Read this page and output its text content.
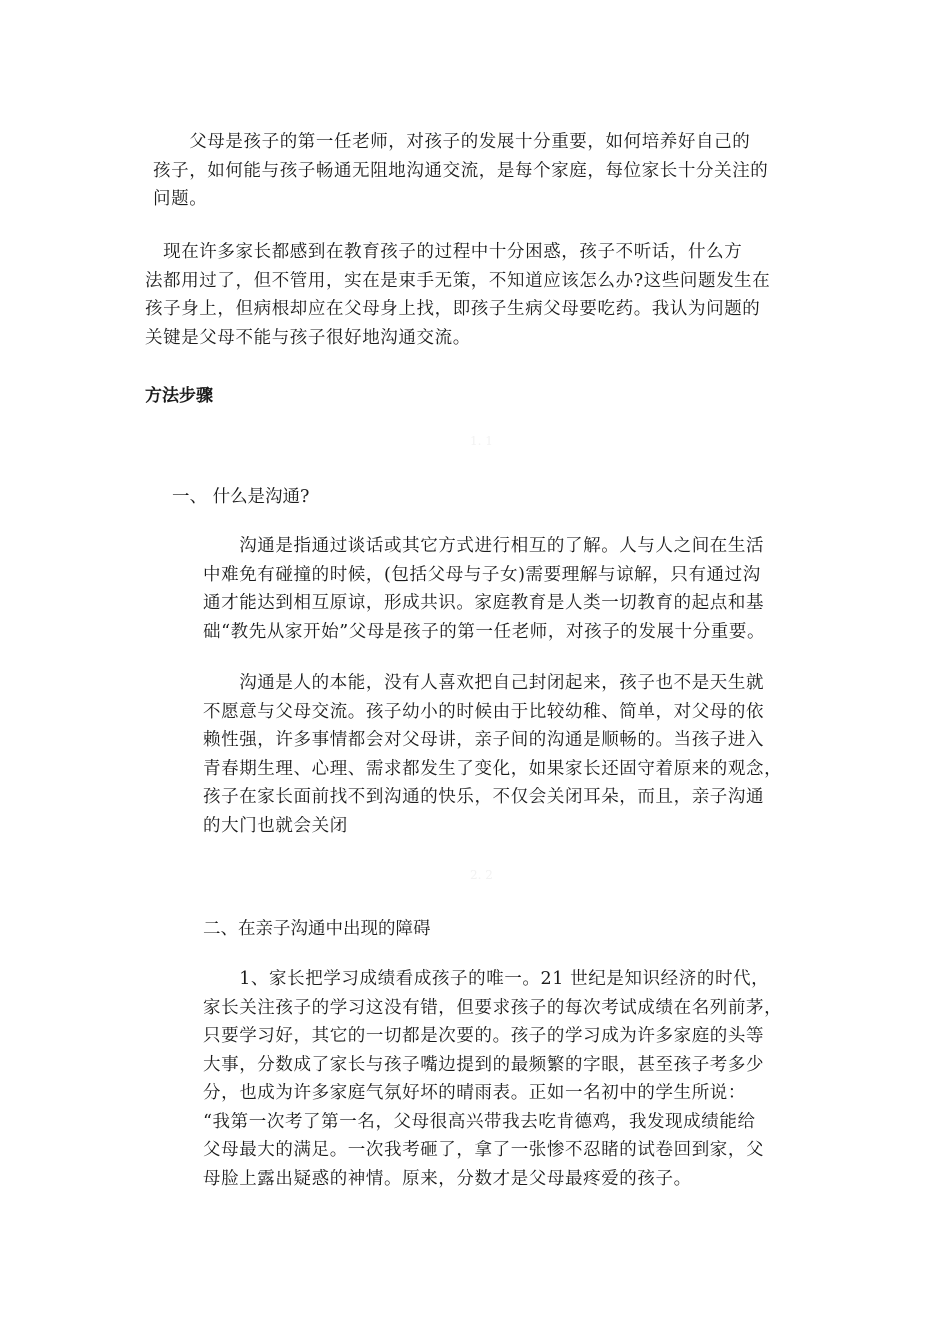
　　父母是孩子的第一任老师，对孩子的发展十分重要，如何培养好自己的
孩子，如何能与孩子畅通无阻地沟通交流，是每个家庭，每位家长十分关注的
问题。
　现在许多家长都感到在教育孩子的过程中十分困惑，孩子不听话，什么方
法都用过了，但不管用，实在是束手无策，不知道应该怎么办?这些问题发生在
孩子身上，但病根却应在父母身上找，即孩子生病父母要吃药。我认为问题的
关键是父母不能与孩子很好地沟通交流。
方法步骤
1. 1
一、 什么是沟通?
　　沟通是指通过谈话或其它方式进行相互的了解。人与人之间在生活
中难免有碰撞的时候，(包括父母与子女)需要理解与谅解，只有通过沟
通才能达到相互原谅，形成共识。家庭教育是人类一切教育的起点和基
础“教先从家开始”父母是孩子的第一任老师，对孩子的发展十分重要。
　　沟通是人的本能，没有人喜欢把自己封闭起来，孩子也不是天生就
不愿意与父母交流。孩子幼小的时候由于比较幼稚、简单，对父母的依
赖性强，许多事情都会对父母讲，亲子间的沟通是顺畅的。当孩子进入
青春期生理、心理、需求都发生了变化，如果家长还固守着原来的观念，
孩子在家长面前找不到沟通的快乐，不仅会关闭耳朵，而且，亲子沟通
的大门也就会关闭
2. 2
二、在亲子沟通中出现的障碍
　　1、家长把学习成绩看成孩子的唯一。21 世纪是知识经济的时代，
家长关注孩子的学习这没有错，但要求孩子的每次考试成绩在名列前茅，
只要学习好，其它的一切都是次要的。孩子的学习成为许多家庭的头等
大事，分数成了家长与孩子嘴边提到的最频繁的字眼，甚至孩子考多少
分，也成为许多家庭气氛好坏的晴雨表。正如一名初中的学生所说：
“我第一次考了第一名，父母很高兴带我去吃肯德鸡，我发现成绩能给
父母最大的满足。一次我考砸了，拿了一张惨不忍睹的试卷回到家，父
母脸上露出疑惑的神情。原来，分数才是父母最疼爱的孩子。
